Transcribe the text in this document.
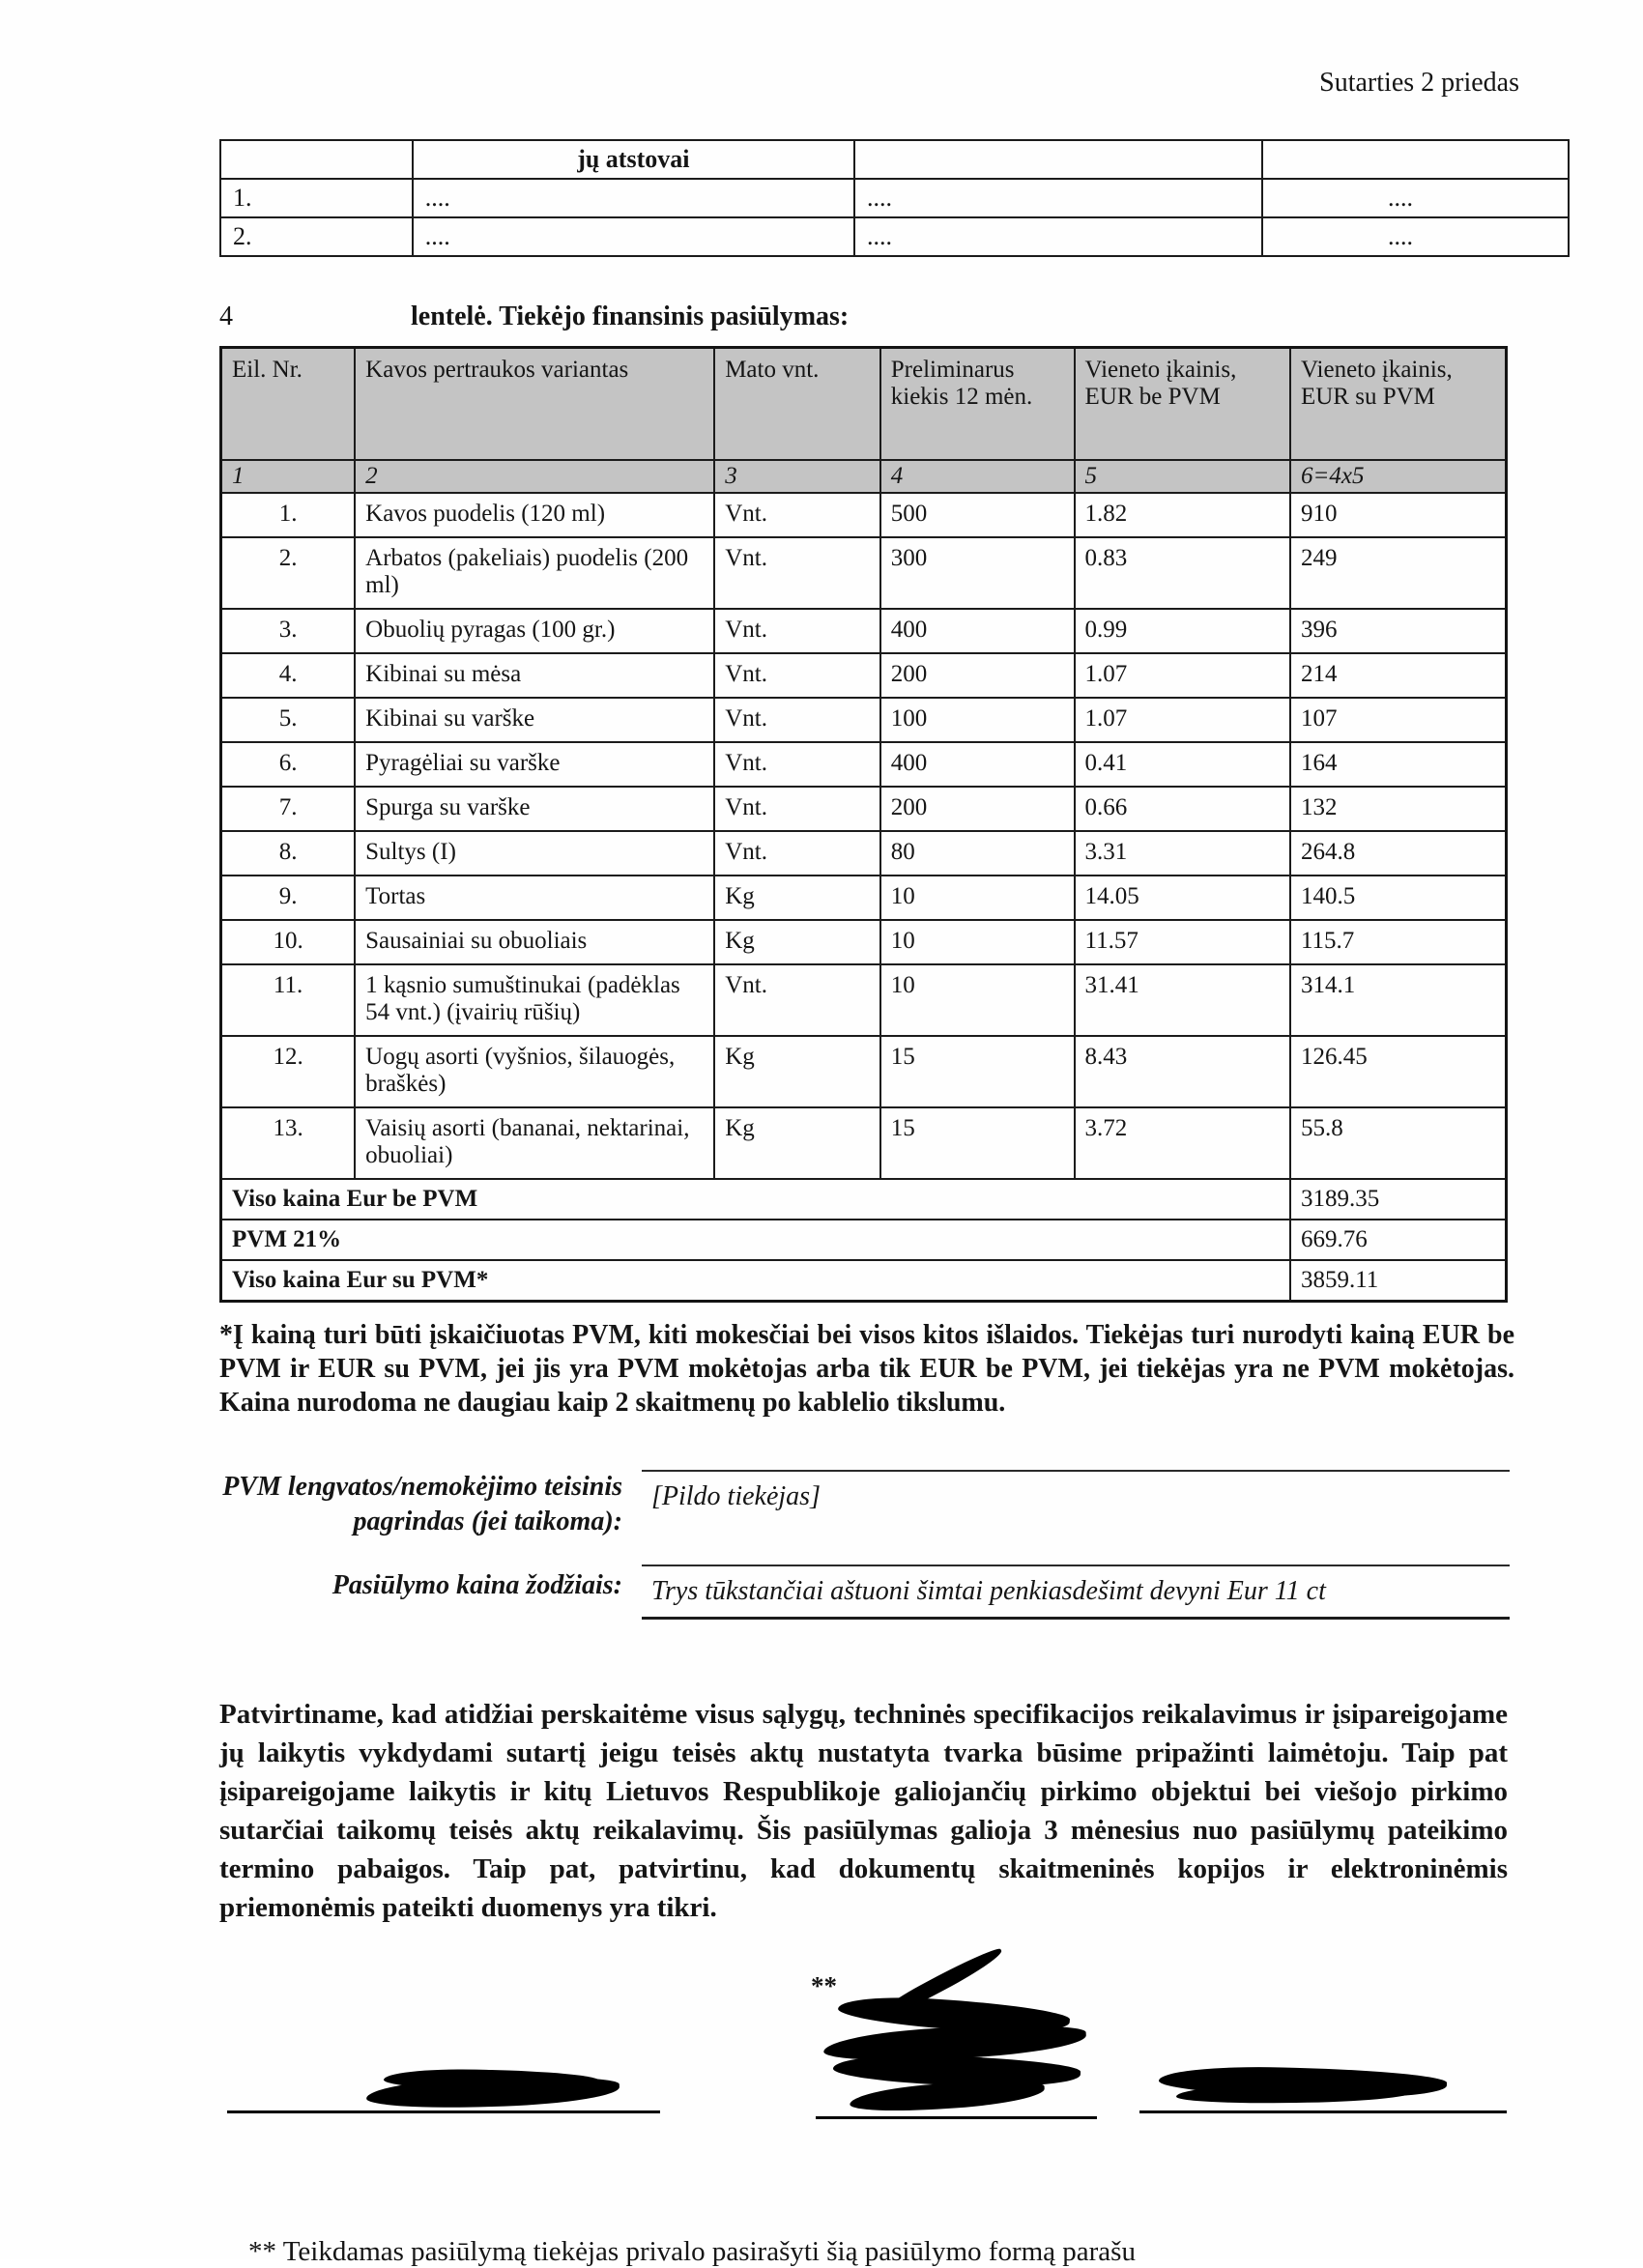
Sutarties 2 priedas
	jų atstovai		
1.	....	....	....
2.	....	....	....
4	lentelė. Tiekėjo finansinis pasiūlymas:
Eil. Nr.	Kavos pertraukos variantas	Mato vnt.	Preliminarus kiekis 12 mėn.	Vieneto įkainis, EUR be PVM	Vieneto įkainis, EUR su PVM
1	2	3	4	5	6=4x5
1.	Kavos puodelis (120 ml)	Vnt.	500	1.82	910
2.	Arbatos (pakeliais) puodelis (200 ml)	Vnt.	300	0.83	249
3.	Obuolių pyragas (100 gr.)	Vnt.	400	0.99	396
4.	Kibinai su mėsa	Vnt.	200	1.07	214
5.	Kibinai su varške	Vnt.	100	1.07	107
6.	Pyragėliai su varške	Vnt.	400	0.41	164
7.	Spurga su varške	Vnt.	200	0.66	132
8.	Sultys (I)	Vnt.	80	3.31	264.8
9.	Tortas	Kg	10	14.05	140.5
10.	Sausainiai su obuoliais	Kg	10	11.57	115.7
11.	1 kąsnio sumuštinukai (padėklas 54 vnt.) (įvairių rūšių)	Vnt.	10	31.41	314.1
12.	Uogų asorti (vyšnios, šilauogės, braškės)	Kg	15	8.43	126.45
13.	Vaisių asorti (bananai, nektarinai, obuoliai)	Kg	15	3.72	55.8
Viso kaina Eur be PVM					3189.35
PVM 21%					669.76
Viso kaina Eur su PVM*					3859.11

*Į kainą turi būti įskaičiuotas PVM, kiti mokesčiai bei visos kitos išlaidos. Tiekėjas turi nurodyti kainą EUR be PVM ir EUR su PVM, jei jis yra PVM mokėtojas arba tik EUR be PVM, jei tiekėjas yra ne PVM mokėtojas. Kaina nurodoma ne daugiau kaip 2 skaitmenų po kablelio tikslumu.

PVM lengvatos/nemokėjimo teisinis pagrindas (jei taikoma):
[Pildo tiekėjas]
Pasiūlymo kaina žodžiais:	Trys tūkstančiai aštuoni šimtai penkiasdešimt devyni Eur 11 ct

Patvirtiname, kad atidžiai perskaitėme visus sąlygų, techninės specifikacijos reikalavimus ir įsipareigojame jų laikytis vykdydami sutartį jeigu teisės aktų nustatyta tvarka būsime pripažinti laimėtoju. Taip pat įsipareigojame laikytis ir kitų Lietuvos Respublikoje galiojančių pirkimo objektui bei viešojo pirkimo sutarčiai taikomų teisės aktų reikalavimų. Šis pasiūlymas galioja 3 mėnesius nuo pasiūlymų pateikimo termino pabaigos. Taip pat, patvirtinu, kad dokumentų skaitmeninės kopijos ir elektroninėmis priemonėmis pateikti duomenys yra tikri.

**

** Teikdamas pasiūlymą tiekėjas privalo pasirašyti šią pasiūlymo formą parašu
